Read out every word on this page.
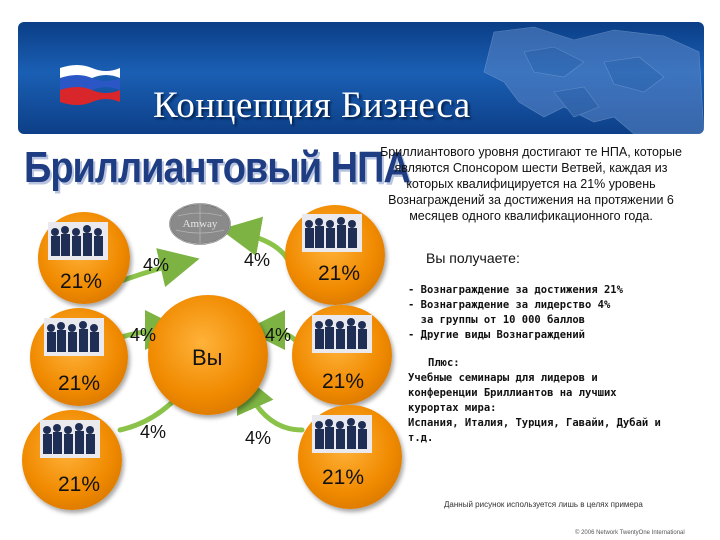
Концепция Бизнеса
Бриллиантовый НПА
Бриллиантового уровня достигают те НПА, которые являются Спонсором шести Ветвей, каждая из которых квалифицируется на 21% уровень Вознаграждений за достижения на протяжении 6 месяцев одного квалификационного года.
Вы получаете:
- Вознаграждение за достижения 21%
- Вознаграждение за лидерство 4%
за группы от 10 000 баллов
- Другие виды Вознаграждений
Плюс:
Учебные семинары для лидеров и
конференции Бриллиантов на лучших
курортах мира:
Испания, Италия, Турция, Гавайи, Дубай и
т.д.
Данный рисунок используется лишь в целях примера
© 2006 Network TwentyOne International
Amway
21%	21%
21%	21%
21%	21%
4%	4%
4%	4%
4%	4%
Вы
